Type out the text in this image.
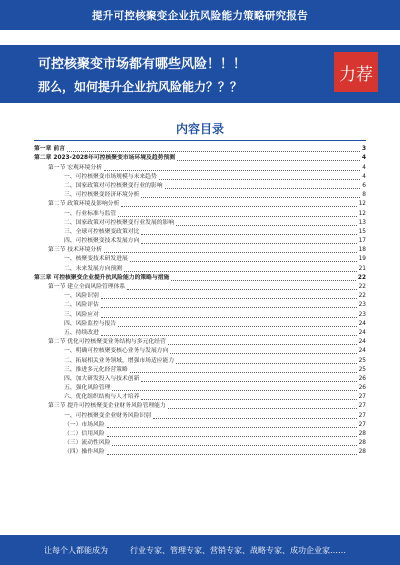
提升可控核聚变企业抗风险能力策略研究报告
可控核聚变市场都有哪些风险！！！
那么，如何提升企业抗风险能力？？？
力荐
内容目录
第一章 前言	3
第二章 2023-2028年可控核聚变市场环境及趋势预测	4
第一节 宏观环境分析	4
一、可控核聚变市场规模与未来趋势	4
二、国家政策对可控核聚变行业的影响	6
三、可控核聚变经济环境分析	8
第二节 政策环境及影响分析	12
一、行业标准与监管	12
二、国家政策对可控核聚变行业发展的影响	13
三、全球可控核聚变政策对比	15
四、可控核聚变技术发展方向	17
第三节 技术环境分析	18
一、核聚变技术研发进展	19
二、未来发展方向预测	21
第三章 可控核聚变企业提升抗风险能力的策略与措施	22
第一节 建立全面风险管理体系	22
一、风险识别	22
二、风险评估	23
三、风险应对	23
四、风险监控与报告	24
五、持续改进	24
第二节 优化可控核聚变业务结构与多元化经营	24
一、明确可控核聚变核心业务与发展方向	24
二、拓展相关业务领域，增强市场适应能力	25
三、推进多元化经营策略	25
四、加大研发投入与技术创新	26
五、强化风险管理	26
六、优化组织结构与人才培养	27
第三节 提升可控核聚变企业财务风险管理能力	27
一、可控核聚变企业财务风险识别	27
（一）市场风险	27
（二）信用风险	28
（三）流动性风险	28
（四）操作风险	28
让每个人都能成为	行业专家、管理专家、营销专家、战略专家、成功企业家……
